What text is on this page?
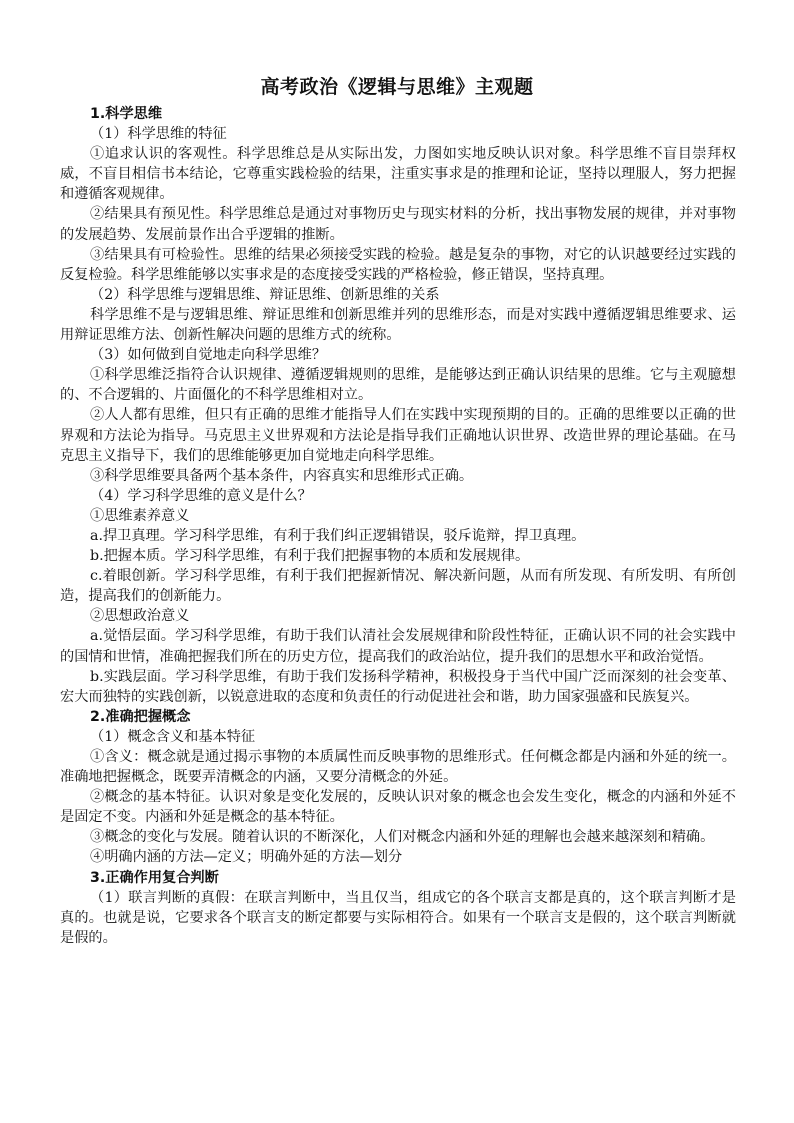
高考政治《逻辑与思维》主观题

1.科学思维

（1）科学思维的特征

①追求认识的客观性。科学思维总是从实际出发，力图如实地反映认识对象。科学思维不盲目崇拜权威，不盲目相信书本结论，它尊重实践检验的结果，注重实事求是的推理和论证，坚持以理服人，努力把握和遵循客观规律。

②结果具有预见性。科学思维总是通过对事物历史与现实材料的分析，找出事物发展的规律，并对事物的发展趋势、发展前景作出合乎逻辑的推断。

③结果具有可检验性。思维的结果必须接受实践的检验。越是复杂的事物，对它的认识越要经过实践的反复检验。科学思维能够以实事求是的态度接受实践的严格检验，修正错误，坚持真理。

（2）科学思维与逻辑思维、辩证思维、创新思维的关系

科学思维不是与逻辑思维、辩证思维和创新思维并列的思维形态，而是对实践中遵循逻辑思维要求、运用辩证思维方法、创新性解决问题的思维方式的统称。

（3）如何做到自觉地走向科学思维？

①科学思维泛指符合认识规律、遵循逻辑规则的思维，是能够达到正确认识结果的思维。它与主观臆想的、不合逻辑的、片面僵化的不科学思维相对立。

②人人都有思维，但只有正确的思维才能指导人们在实践中实现预期的目的。正确的思维要以正确的世界观和方法论为指导。马克思主义世界观和方法论是指导我们正确地认识世界、改造世界的理论基础。在马克思主义指导下，我们的思维能够更加自觉地走向科学思维。

③科学思维要具备两个基本条件，内容真实和思维形式正确。

（4）学习科学思维的意义是什么？

①思维素养意义

a.捍卫真理。学习科学思维，有利于我们纠正逻辑错误，驳斥诡辩，捍卫真理。

b.把握本质。学习科学思维，有利于我们把握事物的本质和发展规律。

c.着眼创新。学习科学思维，有利于我们把握新情况、解决新问题，从而有所发现、有所发明、有所创造，提高我们的创新能力。

②思想政治意义

a.觉悟层面。学习科学思维，有助于我们认清社会发展规律和阶段性特征，正确认识不同的社会实践中的国情和世情，准确把握我们所在的历史方位，提高我们的政治站位，提升我们的思想水平和政治觉悟。

b.实践层面。学习科学思维，有助于我们发扬科学精神，积极投身于当代中国广泛而深刻的社会变革、宏大而独特的实践创新，以锐意进取的态度和负责任的行动促进社会和谐，助力国家强盛和民族复兴。

2.准确把握概念

（1）概念含义和基本特征

①含义：概念就是通过揭示事物的本质属性而反映事物的思维形式。任何概念都是内涵和外延的统一。准确地把握概念，既要弄清概念的内涵，又要分清概念的外延。

②概念的基本特征。认识对象是变化发展的，反映认识对象的概念也会发生变化，概念的内涵和外延不是固定不变。内涵和外延是概念的基本特征。

③概念的变化与发展。随着认识的不断深化，人们对概念内涵和外延的理解也会越来越深刻和精确。

④明确内涵的方法—定义；明确外延的方法—划分

3.正确作用复合判断

（1）联言判断的真假：在联言判断中，当且仅当，组成它的各个联言支都是真的，这个联言判断才是真的。也就是说，它要求各个联言支的断定都要与实际相符合。如果有一个联言支是假的，这个联言判断就是假的。
